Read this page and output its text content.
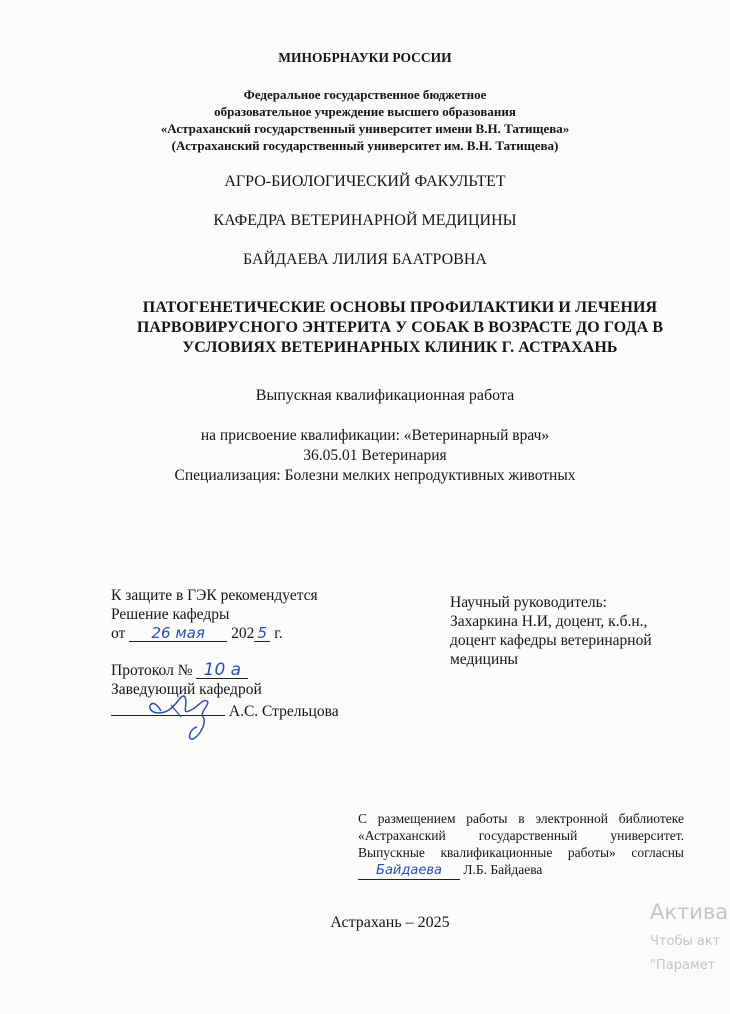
МИНОБРНАУКИ РОССИИ
Федеральное государственное бюджетное
образовательное учреждение высшего образования
«Астраханский государственный университет имени В.Н. Татищева»
(Астраханский государственный университет им. В.Н. Татищева)
АГРО-БИОЛОГИЧЕСКИЙ ФАКУЛЬТЕТ
КАФЕДРА ВЕТЕРИНАРНОЙ МЕДИЦИНЫ
БАЙДАЕВА ЛИЛИЯ БААТРОВНА
ПАТОГЕНЕТИЧЕСКИЕ ОСНОВЫ ПРОФИЛАКТИКИ И ЛЕЧЕНИЯ
ПАРВОВИРУСНОГО ЭНТЕРИТА У СОБАК В ВОЗРАСТЕ ДО ГОДА В
УСЛОВИЯХ ВЕТЕРИНАРНЫХ КЛИНИК Г. АСТРАХАНЬ
Выпускная квалификационная работа
на присвоение квалификации: «Ветеринарный врач»
36.05.01 Ветеринария
Специализация: Болезни мелких непродуктивных животных
К защите в ГЭК рекомендуется
Решение кафедры
от 26 мая 202 5 г.
Протокол № 10 а
Заведующий кафедрой
А.С. Стрельцова
Научный руководитель:
Захаркина Н.И, доцент, к.б.н.,
доцент кафедры ветеринарной
медицины
С размещением работы в электронной библиотеке
«Астраханский государственный университет.
Выпускные квалификационные работы» согласны
Байдаева Л.Б. Байдаева
Астрахань – 2025	Актива
Чтобы акт
"Парамет
